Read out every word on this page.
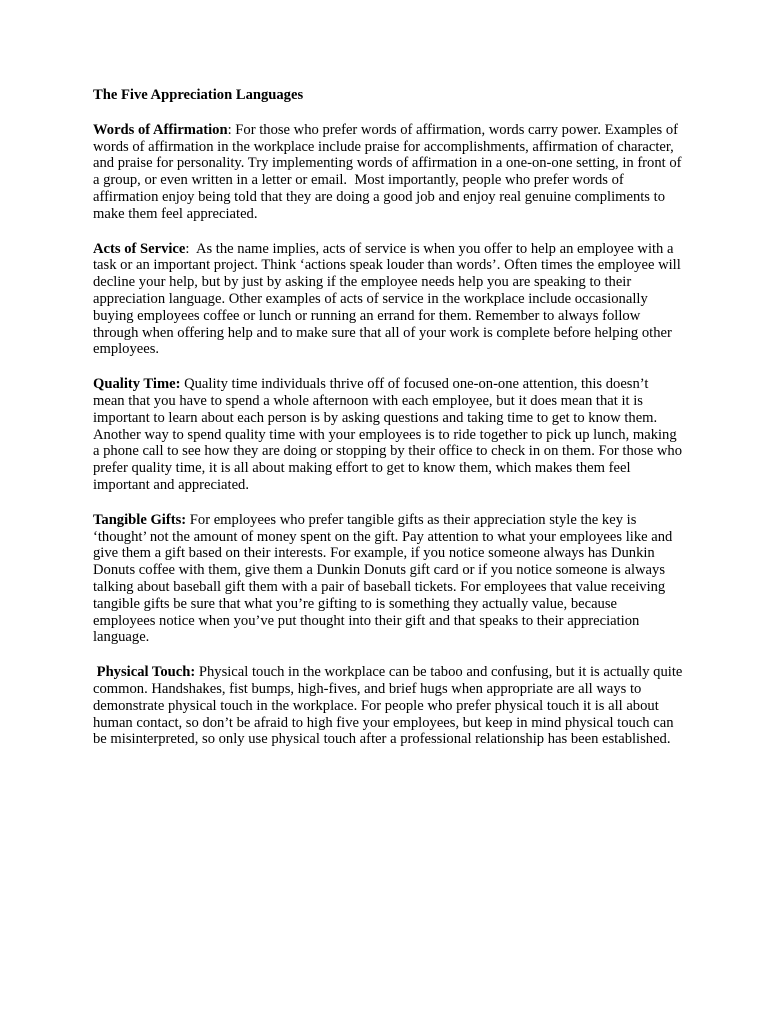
The Five Appreciation Languages

Words of Affirmation: For those who prefer words of affirmation, words carry power. Examples of words of affirmation in the workplace include praise for accomplishments, affirmation of character, and praise for personality. Try implementing words of affirmation in a one-on-one setting, in front of a group, or even written in a letter or email.  Most importantly, people who prefer words of affirmation enjoy being told that they are doing a good job and enjoy real genuine compliments to make them feel appreciated.

Acts of Service:  As the name implies, acts of service is when you offer to help an employee with a task or an important project. Think ‘actions speak louder than words’. Often times the employee will decline your help, but by just by asking if the employee needs help you are speaking to their appreciation language. Other examples of acts of service in the workplace include occasionally buying employees coffee or lunch or running an errand for them. Remember to always follow through when offering help and to make sure that all of your work is complete before helping other employees.

Quality Time: Quality time individuals thrive off of focused one-on-one attention, this doesn’t mean that you have to spend a whole afternoon with each employee, but it does mean that it is important to learn about each person is by asking questions and taking time to get to know them. Another way to spend quality time with your employees is to ride together to pick up lunch, making a phone call to see how they are doing or stopping by their office to check in on them. For those who prefer quality time, it is all about making effort to get to know them, which makes them feel important and appreciated.

Tangible Gifts: For employees who prefer tangible gifts as their appreciation style the key is ‘thought’ not the amount of money spent on the gift. Pay attention to what your employees like and give them a gift based on their interests. For example, if you notice someone always has Dunkin Donuts coffee with them, give them a Dunkin Donuts gift card or if you notice someone is always talking about baseball gift them with a pair of baseball tickets. For employees that value receiving tangible gifts be sure that what you’re gifting to is something they actually value, because employees notice when you’ve put thought into their gift and that speaks to their appreciation language.

Physical Touch: Physical touch in the workplace can be taboo and confusing, but it is actually quite common. Handshakes, fist bumps, high-fives, and brief hugs when appropriate are all ways to demonstrate physical touch in the workplace. For people who prefer physical touch it is all about human contact, so don’t be afraid to high five your employees, but keep in mind physical touch can be misinterpreted, so only use physical touch after a professional relationship has been established.
